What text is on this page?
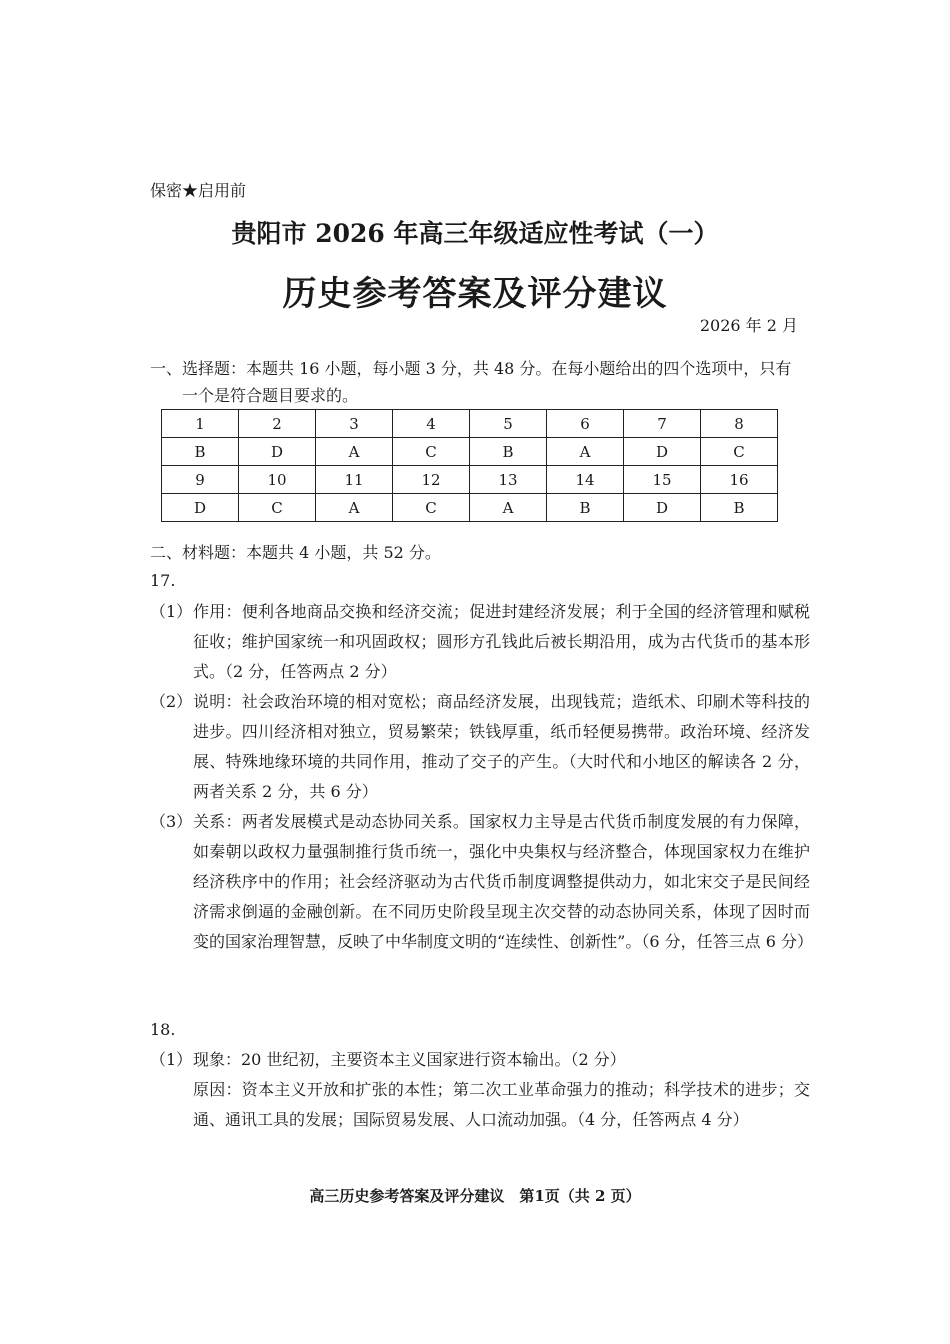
保密★启用前
贵阳市 2026 年高三年级适应性考试（一）
历史参考答案及评分建议
2026 年 2 月
一、选择题：本题共 16 小题，每小题 3 分，共 48 分。在每小题给出的四个选项中，只有
一个是符合题目要求的。
1	2	3	4	5	6	7	8
B	D	A	C	B	A	D	C
9	10	11	12	13	14	15	16
D	C	A	C	A	B	D	B
二、材料题：本题共 4 小题，共 52 分。
17.
（1） 作用：便利各地商品交换和经济交流；促进封建经济发展；利于全国的经济管理和赋税征收；维护国家统一和巩固政权；圆形方孔钱此后被长期沿用，成为古代货币的基本形式。（2 分，任答两点 2 分）
（2） 说明：社会政治环境的相对宽松；商品经济发展，出现钱荒；造纸术、印刷术等科技的进步。四川经济相对独立，贸易繁荣；铁钱厚重，纸币轻便易携带。政治环境、经济发展、特殊地缘环境的共同作用，推动了交子的产生。（大时代和小地区的解读各 2 分，两者关系 2 分，共 6 分）
（3） 关系：两者发展模式是动态协同关系。国家权力主导是古代货币制度发展的有力保障，如秦朝以政权力量强制推行货币统一，强化中央集权与经济整合，体现国家权力在维护经济秩序中的作用；社会经济驱动为古代货币制度调整提供动力，如北宋交子是民间经济需求倒逼的金融创新。在不同历史阶段呈现主次交替的动态协同关系，体现了因时而变的国家治理智慧，反映了中华制度文明的“连续性、创新性”。（6 分，任答三点 6 分）
18.
（1） 现象：20 世纪初，主要资本主义国家进行资本输出。（2 分）
原因：资本主义开放和扩张的本性；第二次工业革命强力的推动；科学技术的进步；交通、通讯工具的发展；国际贸易发展、人口流动加强。（4 分，任答两点 4 分）
高三历史参考答案及评分建议　第1页（共 2 页）
